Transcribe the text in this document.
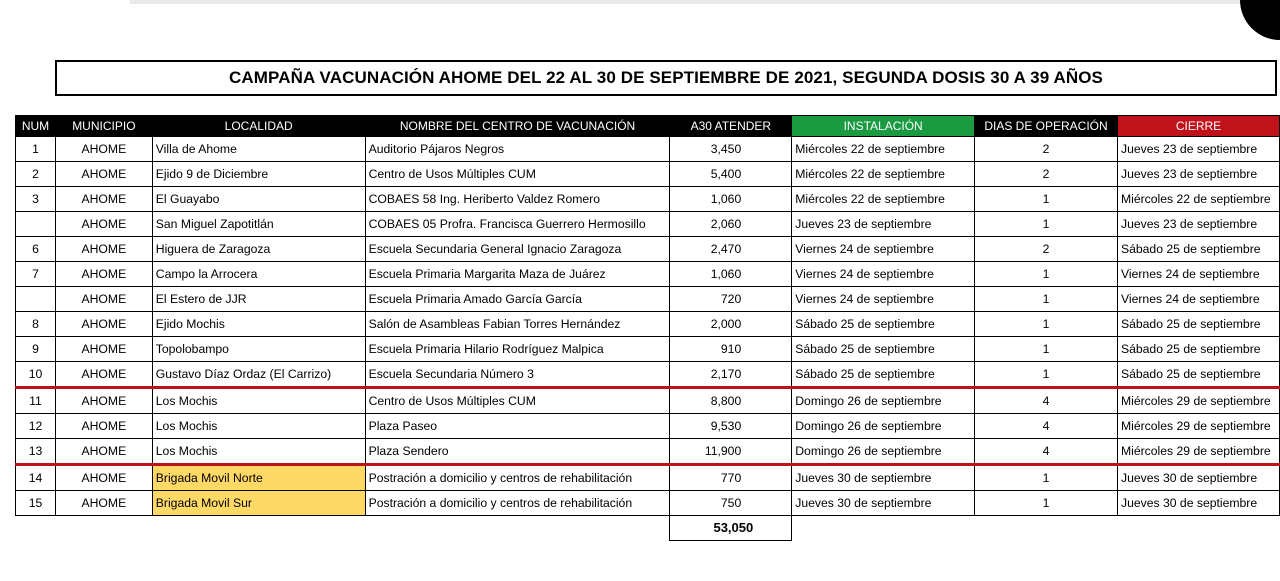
CAMPAÑA VACUNACIÓN AHOME DEL 22 AL 30 DE SEPTIEMBRE DE 2021, SEGUNDA DOSIS 30 A 39 AÑOS
NUM	MUNICIPIO	LOCALIDAD	NOMBRE DEL CENTRO DE VACUNACIÓN	A30 ATENDER	INSTALACIÓN	DIAS DE OPERACIÓN	CIERRE
1	AHOME	Villa de Ahome	Auditorio Pájaros Negros	3,450	Miércoles 22 de septiembre	2	Jueves 23 de septiembre
2	AHOME	Ejido 9 de Diciembre	Centro de Usos Múltiples CUM	5,400	Miércoles 22 de septiembre	2	Jueves 23 de septiembre
3	AHOME	El Guayabo	COBAES 58 Ing. Heriberto Valdez Romero	1,060	Miércoles 22 de septiembre	1	Miércoles 22 de septiembre
	AHOME	San Miguel Zapotitlán	COBAES 05 Profra. Francisca Guerrero Hermosillo	2,060	Jueves 23 de septiembre	1	Jueves 23 de septiembre
6	AHOME	Higuera de Zaragoza	Escuela Secundaria General Ignacio Zaragoza	2,470	Viernes 24 de septiembre	2	Sábado 25 de septiembre
7	AHOME	Campo la Arrocera	Escuela Primaria Margarita Maza de Juárez	1,060	Viernes 24 de septiembre	1	Viernes 24 de septiembre
	AHOME	El Estero de JJR	Escuela Primaria Amado García García	720	Viernes 24 de septiembre	1	Viernes 24 de septiembre
8	AHOME	Ejido Mochis	Salón de Asambleas Fabian Torres Hernández	2,000	Sábado 25 de septiembre	1	Sábado 25 de septiembre
9	AHOME	Topolobampo	Escuela Primaria Hilario Rodríguez Malpica	910	Sábado 25 de septiembre	1	Sábado 25 de septiembre
10	AHOME	Gustavo Díaz Ordaz (El Carrizo)	Escuela Secundaria Número 3	2,170	Sábado 25 de septiembre	1	Sábado 25 de septiembre
11	AHOME	Los Mochis	Centro de Usos Múltiples CUM	8,800	Domingo 26 de septiembre	4	Miércoles 29 de septiembre
12	AHOME	Los Mochis	Plaza Paseo	9,530	Domingo 26 de septiembre	4	Miércoles 29 de septiembre
13	AHOME	Los Mochis	Plaza Sendero	11,900	Domingo 26 de septiembre	4	Miércoles 29 de septiembre
14	AHOME	Brigada Movil Norte	Postración a domicilio y centros de rehabilitación	770	Jueves 30 de septiembre	1	Jueves 30 de septiembre
15	AHOME	Brigada Movil Sur	Postración a domicilio y centros de rehabilitación	750	Jueves 30 de septiembre	1	Jueves 30 de septiembre
				53,050			
